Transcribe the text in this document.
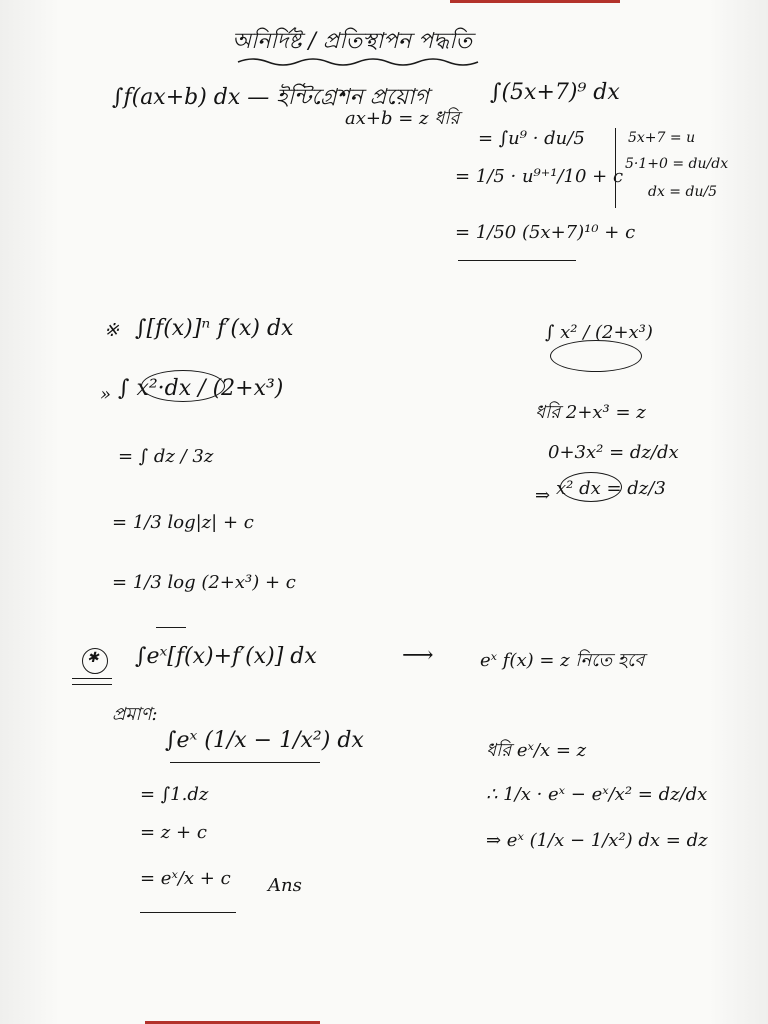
অনির্দিষ্ট / প্রতিস্থাপন পদ্ধতি
∫f(ax+b) dx — ইন্টিগ্রেশন প্রয়োগ
ax+b = z ধরি
∫(5x+7)⁹ dx
= ∫u⁹ · du/5
= 1/5 · u⁹⁺¹/10 + c
= 1/50 (5x+7)¹⁰ + c
5x+7 = u
5·1+0 = du/dx
dx = du/5
※ ∫[f(x)]ⁿ f′(x) dx
» ∫ x²·dx / (2+x³)
= ∫ dz / 3z
= 1/3 log|z| + c
= 1/3 log (2+x³) + c
∫ x² / (2+x³)
ধরি 2+x³ = z
0+3x² = dz/dx
x² dx = dz/3
⇒
✱ ∫eˣ[f(x)+f′(x)] dx	⟶	eˣ f(x) = z নিতে হবে
প্রমাণ:
∫eˣ (1/x − 1/x²) dx
= ∫1.dz
= z + c
= eˣ/x + c Ans
ধরি eˣ/x = z
∴ 1/x · eˣ − eˣ/x² = dz/dx
⇒ eˣ (1/x − 1/x²) dx = dz
